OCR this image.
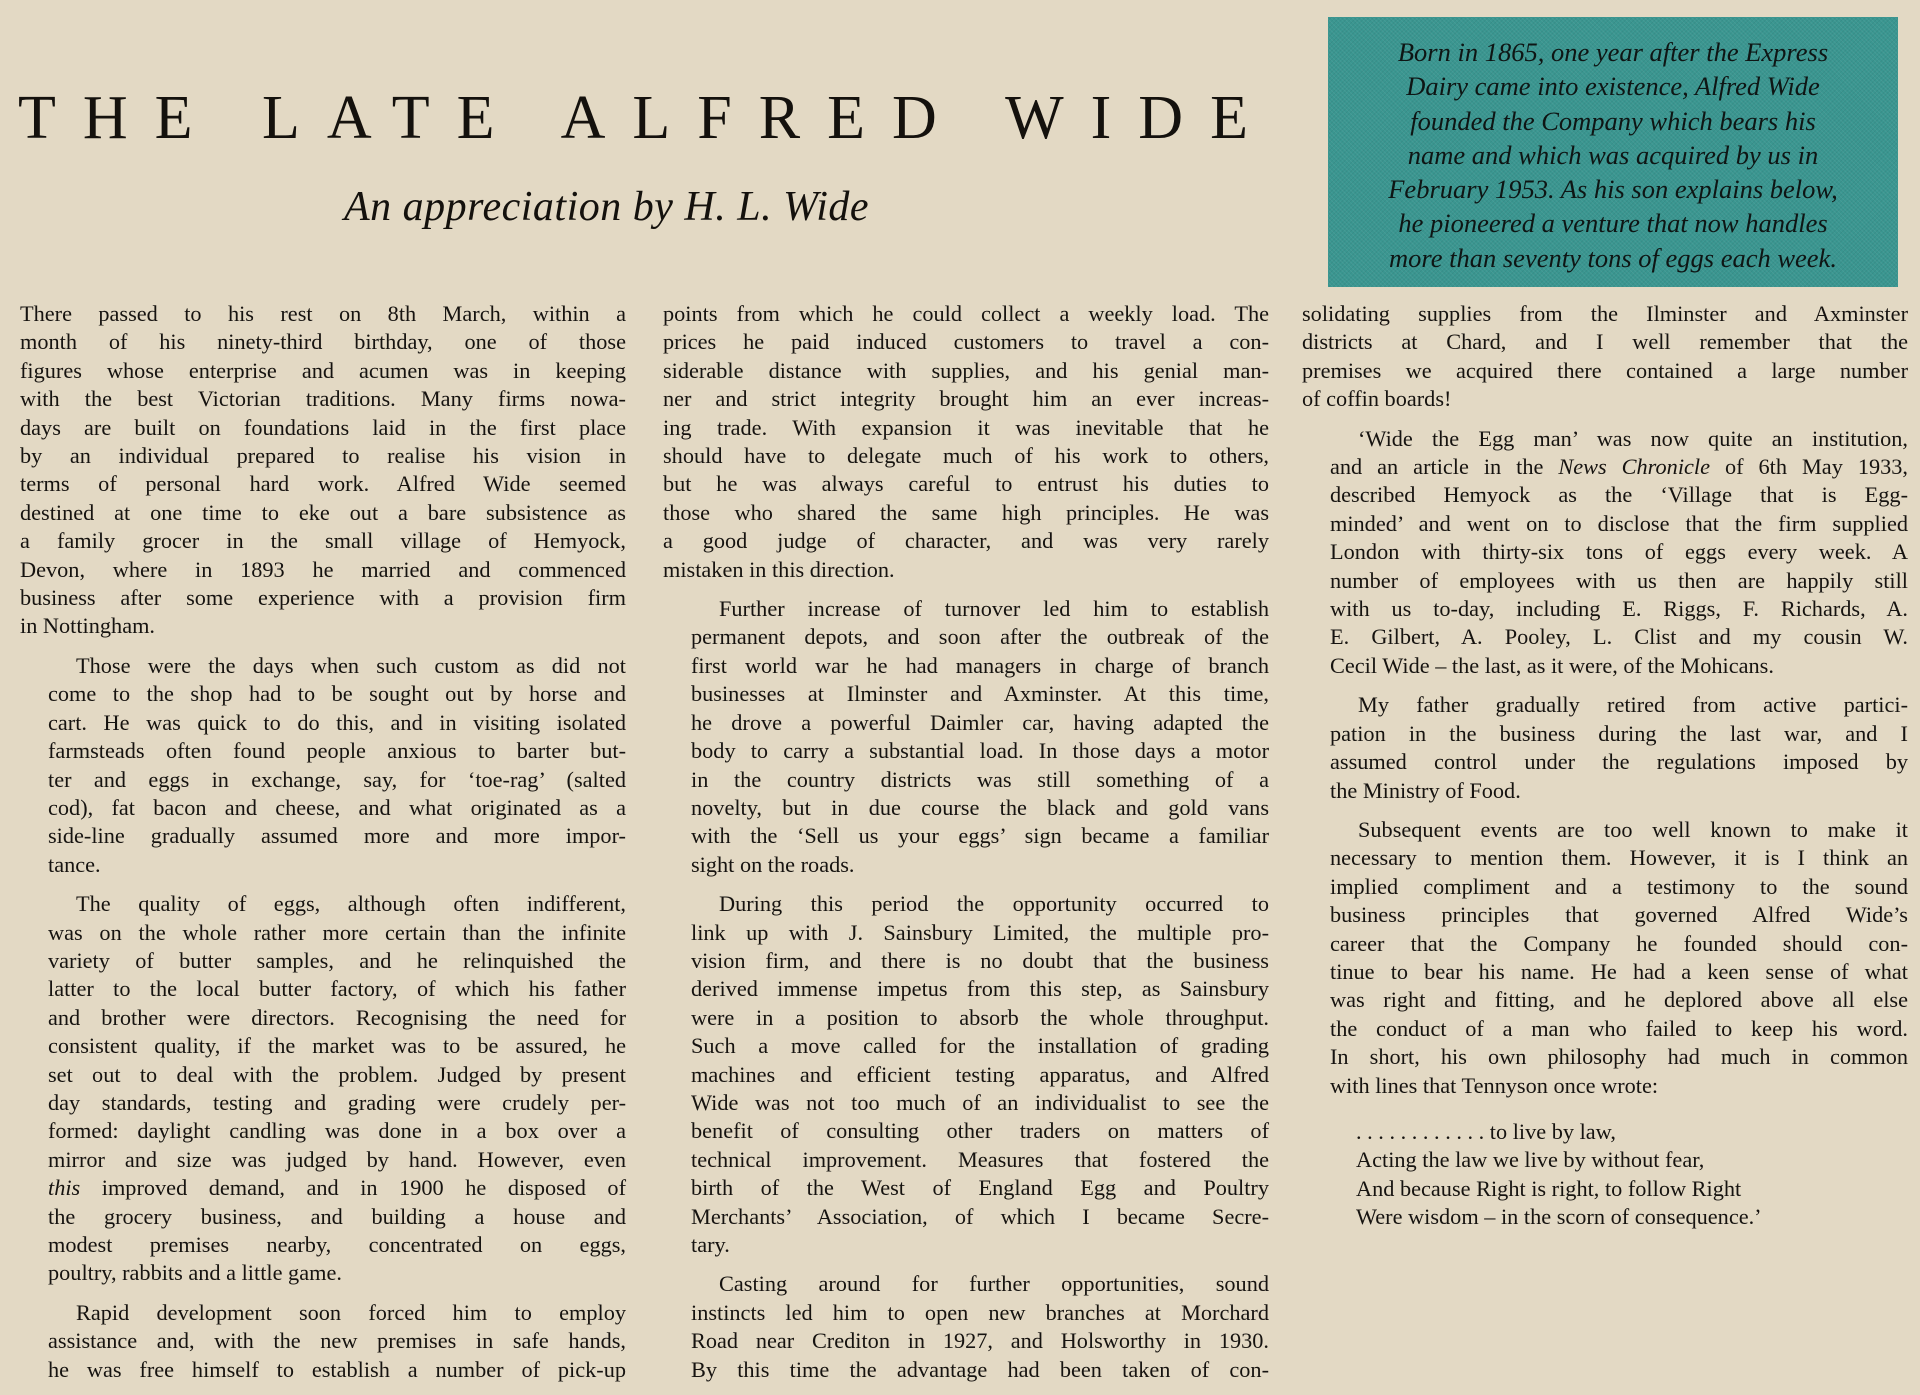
THE LATE ALFRED WIDE
An appreciation by H. L. Wide
Born in 1865, one year after the Express
Dairy came into existence, Alfred Wide
founded the Company which bears his
name and which was acquired by us in
February 1953. As his son explains below,
he pioneered a venture that now handles
more than seventy tons of eggs each week.

There passed to his rest on 8th March, within a
month of his ninety-third birthday, one of those
figures whose enterprise and acumen was in keeping
with the best Victorian traditions. Many firms nowa-
days are built on foundations laid in the first place
by an individual prepared to realise his vision in
terms of personal hard work. Alfred Wide seemed
destined at one time to eke out a bare subsistence as
a family grocer in the small village of Hemyock,
Devon, where in 1893 he married and commenced
business after some experience with a provision firm
in Nottingham.

Those were the days when such custom as did not
come to the shop had to be sought out by horse and
cart. He was quick to do this, and in visiting isolated
farmsteads often found people anxious to barter but-
ter and eggs in exchange, say, for ‘toe-rag’ (salted
cod), fat bacon and cheese, and what originated as a
side-line gradually assumed more and more impor-
tance.

The quality of eggs, although often indifferent,
was on the whole rather more certain than the infinite
variety of butter samples, and he relinquished the
latter to the local butter factory, of which his father
and brother were directors. Recognising the need for
consistent quality, if the market was to be assured, he
set out to deal with the problem. Judged by present
day standards, testing and grading were crudely per-
formed: daylight candling was done in a box over a
mirror and size was judged by hand. However, even
this improved demand, and in 1900 he disposed of
the grocery business, and building a house and
modest premises nearby, concentrated on eggs,
poultry, rabbits and a little game.

Rapid development soon forced him to employ
assistance and, with the new premises in safe hands,
he was free himself to establish a number of pick-up

points from which he could collect a weekly load. The
prices he paid induced customers to travel a con-
siderable distance with supplies, and his genial man-
ner and strict integrity brought him an ever increas-
ing trade. With expansion it was inevitable that he
should have to delegate much of his work to others,
but he was always careful to entrust his duties to
those who shared the same high principles. He was
a good judge of character, and was very rarely
mistaken in this direction.

Further increase of turnover led him to establish
permanent depots, and soon after the outbreak of the
first world war he had managers in charge of branch
businesses at Ilminster and Axminster. At this time,
he drove a powerful Daimler car, having adapted the
body to carry a substantial load. In those days a motor
in the country districts was still something of a
novelty, but in due course the black and gold vans
with the ‘Sell us your eggs’ sign became a familiar
sight on the roads.

During this period the opportunity occurred to
link up with J. Sainsbury Limited, the multiple pro-
vision firm, and there is no doubt that the business
derived immense impetus from this step, as Sainsbury
were in a position to absorb the whole throughput.
Such a move called for the installation of grading
machines and efficient testing apparatus, and Alfred
Wide was not too much of an individualist to see the
benefit of consulting other traders on matters of
technical improvement. Measures that fostered the
birth of the West of England Egg and Poultry
Merchants’ Association, of which I became Secre-
tary.

Casting around for further opportunities, sound
instincts led him to open new branches at Morchard
Road near Crediton in 1927, and Holsworthy in 1930.
By this time the advantage had been taken of con-

solidating supplies from the Ilminster and Axminster
districts at Chard, and I well remember that the
premises we acquired there contained a large number
of coffin boards!

‘Wide the Egg man’ was now quite an institution,
and an article in the News Chronicle of 6th May 1933,
described Hemyock as the ‘Village that is Egg-
minded’ and went on to disclose that the firm supplied
London with thirty-six tons of eggs every week. A
number of employees with us then are happily still
with us to-day, including E. Riggs, F. Richards, A.
E. Gilbert, A. Pooley, L. Clist and my cousin W.
Cecil Wide – the last, as it were, of the Mohicans.

My father gradually retired from active partici-
pation in the business during the last war, and I
assumed control under the regulations imposed by
the Ministry of Food.

Subsequent events are too well known to make it
necessary to mention them. However, it is I think an
implied compliment and a testimony to the sound
business principles that governed Alfred Wide’s
career that the Company he founded should con-
tinue to bear his name. He had a keen sense of what
was right and fitting, and he deplored above all else
the conduct of a man who failed to keep his word.
In short, his own philosophy had much in common
with lines that Tennyson once wrote:

. . . . . . . . . . . . to live by law,
Acting the law we live by without fear,
And because Right is right, to follow Right
Were wisdom – in the scorn of consequence.’
